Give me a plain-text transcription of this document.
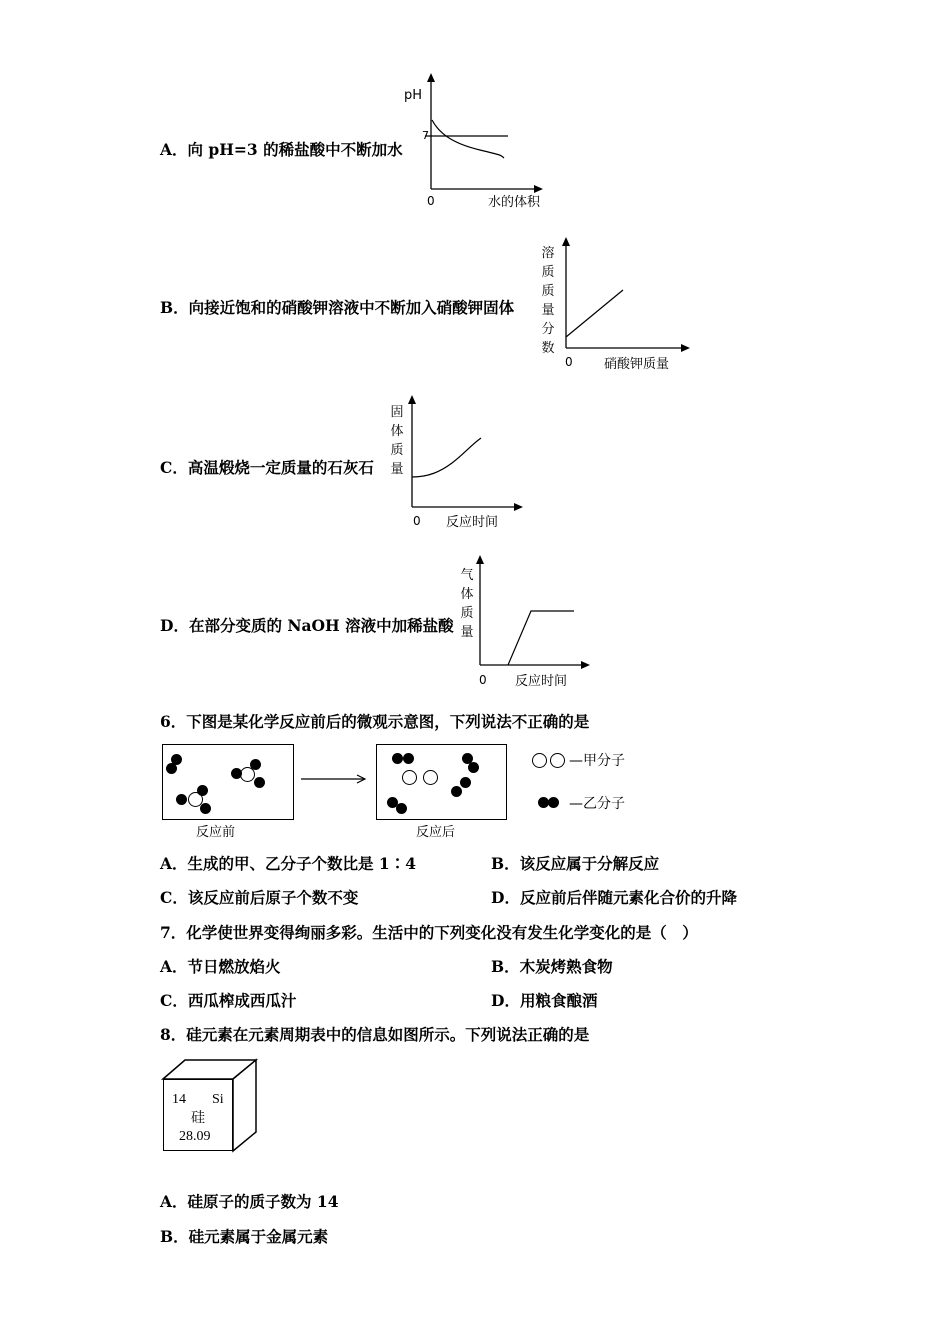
A．向 pH=3 的稀盐酸中不断加水
pH
7
0	水的体积
B．向接近饱和的硝酸钾溶液中不断加入硝酸钾固体
溶质质量分数
0 硝酸钾质量
C．高温煅烧一定质量的石灰石
固体质量
0 反应时间
D．在部分变质的 NaOH 溶液中加稀盐酸
气体质量
0 反应时间
6．下图是某化学反应前后的微观示意图，下列说法不正确的是
反应前	反应后
—甲分子
—乙分子
A．生成的甲、乙分子个数比是 1∶4	B．该反应属于分解反应
C．该反应前后原子个数不变	D．反应前后伴随元素化合价的升降
7．化学使世界变得绚丽多彩。生活中的下列变化没有发生化学变化的是（　）
A．节日燃放焰火	B．木炭烤熟食物
C．西瓜榨成西瓜汁	D．用粮食酿酒
8．硅元素在元素周期表中的信息如图所示。下列说法正确的是
14 Si
硅
28.09
A．硅原子的质子数为 14
B．硅元素属于金属元素
